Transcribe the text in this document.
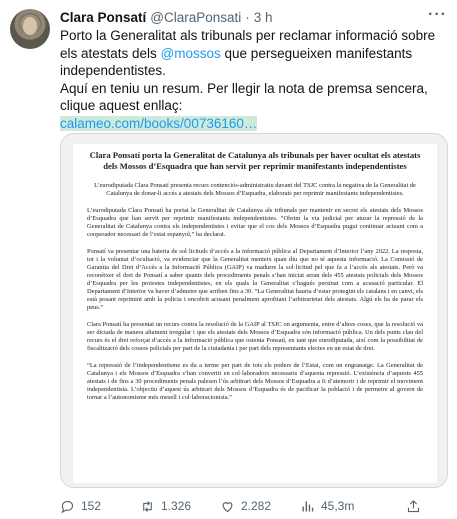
Clara Ponsatí @ClaraPonsati · 3 h	···

Porto la Generalitat als tribunals per reclamar informació sobre els atestats dels @mossos que persegueixen manifestants independentistes.

Aquí en teniu un resum. Per llegir la nota de premsa sencera, clique aquest enllaç:

calameo.com/books/00736160…

Clara Ponsatí porta la Generalitat de Catalunya als tribunals per haver ocultat els atestats dels Mossos d’Esquadra que han servit per reprimir manifestants independentistes

L’eurodiputada Clara Ponsatí presenta recurs contenciós-administratiu davant del TSJC contra la negativa de la Generalitat de Catalunya de donar-li accés a atestats dels Mossos d’Esquadra, elaborats per reprimir manifestants independentistes.

L’eurodiputada Clara Ponsatí ha portat la Generalitat de Catalunya als tribunals per mantenir en secret els atestats dels Mossos d’Esquadra que han servit per reprimir manifestants independentistes. “Obrim la via judicial per aturar la repressió de la Generalitat de Catalunya contra els independentistes i evitar que el cos dels Mossos d’Esquadra pugui continuar actuant com a cooperador necessari de l’estat espanyol,” ha declarat.

Ponsatí va presentar una bateria de sol·licituds d’accés a la informació pública al Departament d’Interior l’any 2022. La resposta, tot i la voluntat d’ocultació, va evidenciar que la Generalitat menteix quan diu que no té aquesta informació. La Comissió de Garantia del Dret d’Accés a la Informació Pública (GAIP) va madurre la sol·licitud pel que fa a l’accés als atestats. Però va reconèixer el dret de Ponsatí a saber quants dels procediments penals s’han iniciat arran dels 455 atestats policials dels Mossos d’Esquadra per les protestes independentistes, en els quals la Generalitat s’hagués persinat com a acusació particular. El Departament d’Interior va haver d’admetre que arriben fins a 30. “La Generalitat hauria d’estar protegint els catalans i en canvi, els està posant reprimint amb la policia i encobrit acusant penalment aprofitant l’arbitrarietat dels atestats. Algú els ha de parar els peus.”

Clara Ponsatí ha presentat un recurs contra la resolució de la GAIP al TSJC on argumenta, entre d’altres coses, que la resolució va ser dictada de manera altament irregular i que els atestats dels Mossos d’Esquadra són informació pública. Un dels punts clau del recurs és el dret reforçat d’accés a la informació pública que ostenta Ponsatí, en tant que eurodiputada, així com la possibilitat de fiscalització dels cossos policials per part de la ciutadania i per part dels representants electes en un estat de dret.

“La repressió de l’independentisme es du a terme per part de tots els poders de l’Estat, com un engranatge. La Generalitat de Catalunya i els Mossos d’Esquadra s’han convertit en col·laboradors necessaris d’aquesta repressió. L’existència d’aquests 455 atestats i de fins a 30 procediments penals palesen l’ús arbitrari dels Mossos d’Esquadra a fi d’atemorir i de reprimir el moviment independentista. L’objectiu d’aquest ús arbitrari dels Mossos d’Esquadra és de pacificar la població i de permetre al govern de tornar a l’autonomisme més mesell i col·laboracionista.”

152	1.326	2.282	45,3m
